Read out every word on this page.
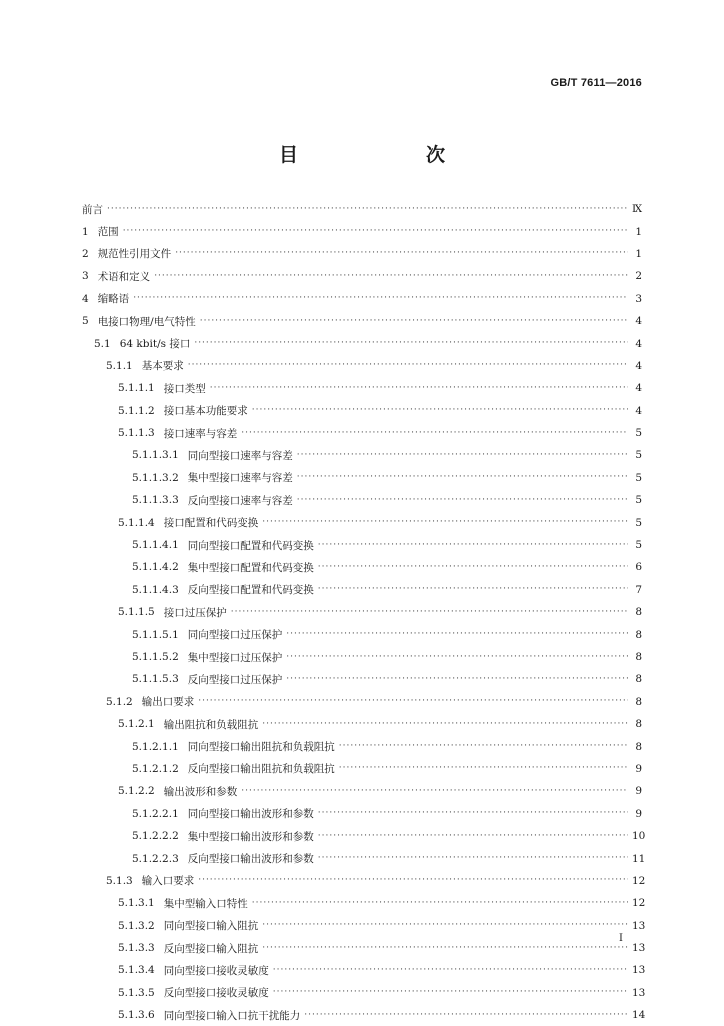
GB/T 7611—2016
目　　次
前言 ·····	Ⅸ
1 范围 ·····	1
2 规范性引用文件 ·····	1
3 术语和定义 ·····	2
4 缩略语 ·····	3
5 电接口物理/电气特性 ·····	4
5.1 64 kbit/s 接口 ·····	4
5.1.1 基本要求 ·····	4
5.1.1.1 接口类型 ·····	4
5.1.1.2 接口基本功能要求 ·····	4
5.1.1.3 接口速率与容差 ·····	5
5.1.1.3.1 同向型接口速率与容差 ·····	5
5.1.1.3.2 集中型接口速率与容差 ·····	5
5.1.1.3.3 反向型接口速率与容差 ·····	5
5.1.1.4 接口配置和代码变换 ·····	5
5.1.1.4.1 同向型接口配置和代码变换 ·····	5
5.1.1.4.2 集中型接口配置和代码变换 ·····	6
5.1.1.4.3 反向型接口配置和代码变换 ·····	7
5.1.1.5 接口过压保护 ·····	8
5.1.1.5.1 同向型接口过压保护 ·····	8
5.1.1.5.2 集中型接口过压保护 ·····	8
5.1.1.5.3 反向型接口过压保护 ·····	8
5.1.2 输出口要求 ·····	8
5.1.2.1 输出阻抗和负载阻抗 ·····	8
5.1.2.1.1 同向型接口输出阻抗和负载阻抗 ·····	8
5.1.2.1.2 反向型接口输出阻抗和负载阻抗 ·····	9
5.1.2.2 输出波形和参数 ·····	9
5.1.2.2.1 同向型接口输出波形和参数 ·····	9
5.1.2.2.2 集中型接口输出波形和参数 ·····	10
5.1.2.2.3 反向型接口输出波形和参数 ·····	11
5.1.3 输入口要求 ·····	12
5.1.3.1 集中型输入口特性 ·····	12
5.1.3.2 同向型接口输入阻抗 ·····	13
5.1.3.3 反向型接口输入阻抗 ·····	13
5.1.3.4 同向型接口接收灵敏度 ·····	13
5.1.3.5 反向型接口接收灵敏度 ·····	13
5.1.3.6 同向型接口输入口抗干扰能力 ·····	14
I
